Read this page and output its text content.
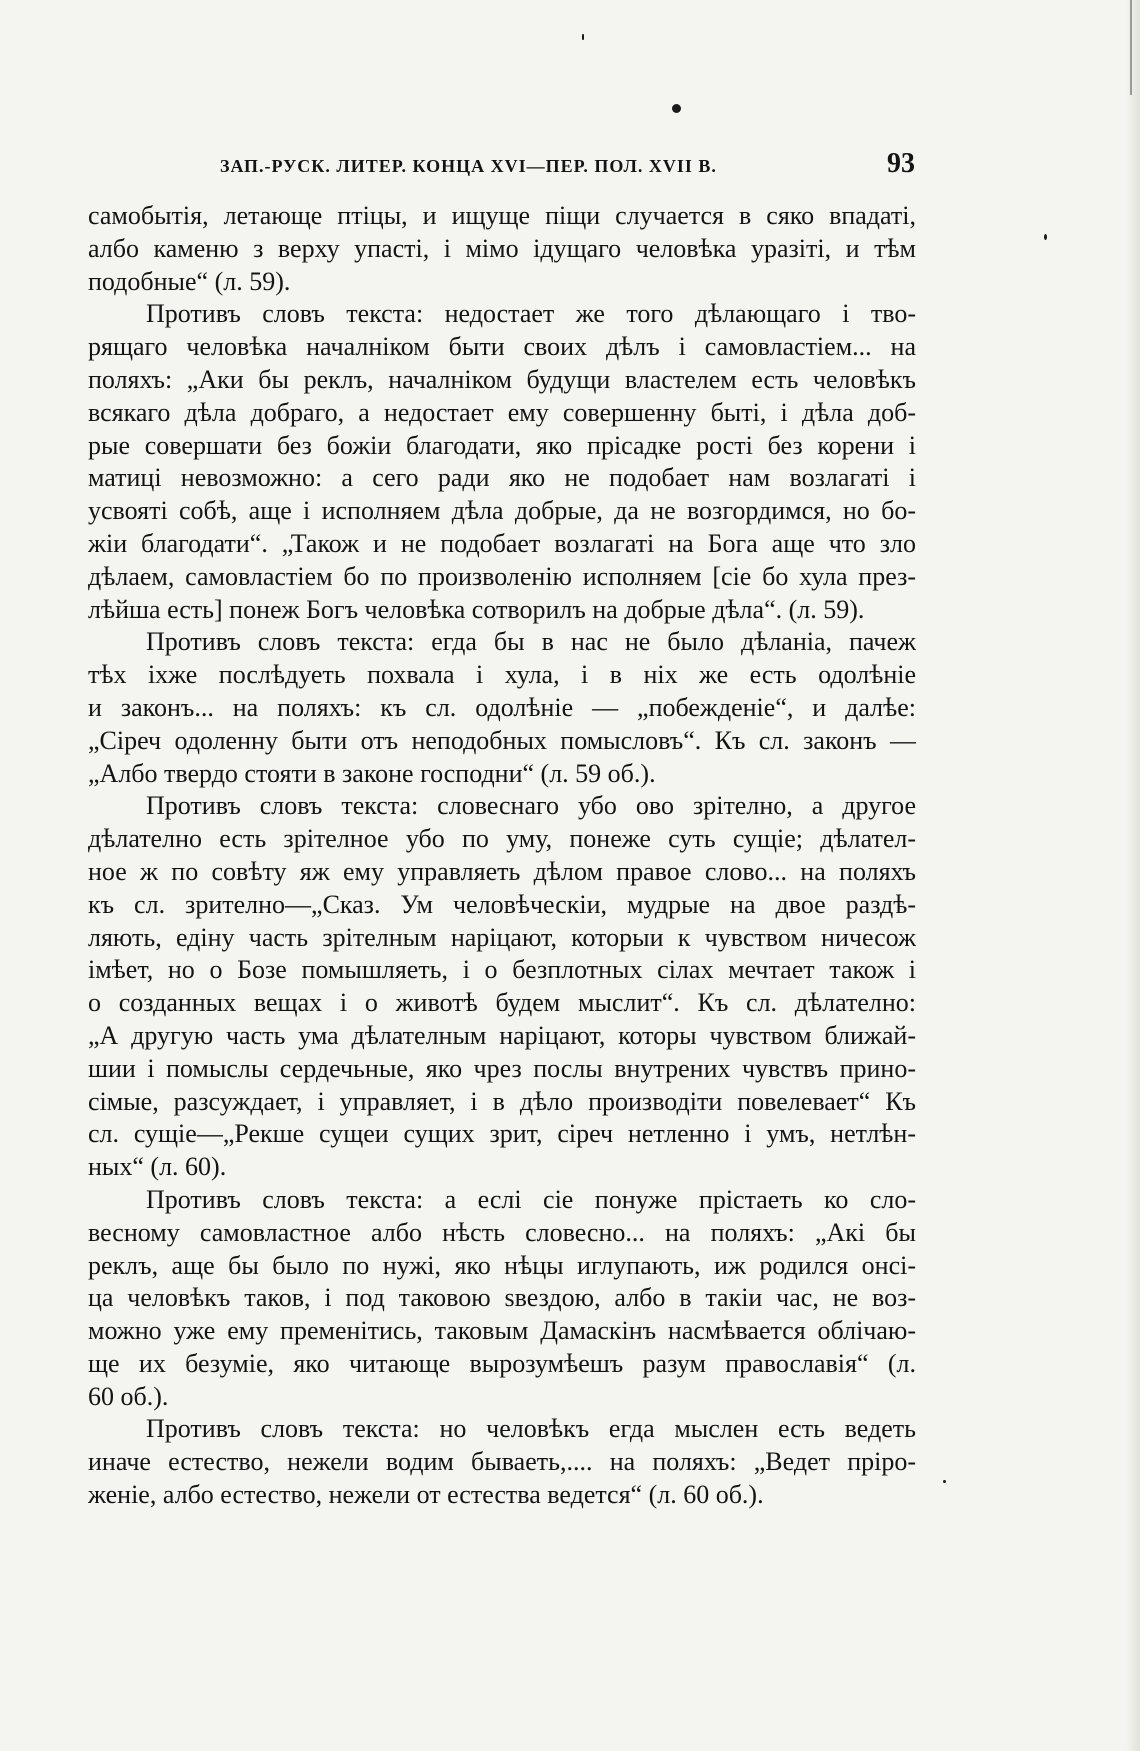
ЗАП.-РУСК. ЛИТЕР. КОНЦА XVI—ПЕР. ПОЛ. XVII В.	93
самобытія, летающе птіцы, и ищуще піщи случается в сяко впадаті,
албо каменю з верху упасті, і мімо ідущаго человѣка уразіті, и тѣм
подобные“ (л. 59).
Противъ словъ текста: недостает же того дѣлающаго і тво-
рящаго человѣка началніком быти своих дѣлъ і самовластіем... на
поляхъ: „Аки бы реклъ, началніком будущи властелем есть человѣкъ
всякаго дѣла добраго, а недостает ему совершенну быті, і дѣла доб-
рые совершати без божіи благодати, яко прісадке рості без корени і
матиці невозможно: а сего ради яко не подобает нам возлагаті і
усвояті собѣ, аще і исполняем дѣла добрые, да не возгордимся, но бо-
жіи благодати“. „Також и не подобает возлагаті на Бога аще что зло
дѣлаем, самовластіем бо по произволенію исполняем [сіе бо хула през-
лѣйша есть] понеж Богъ человѣка сотворилъ на добрые дѣла“. (л. 59).
Противъ словъ текста: егда бы в нас не было дѣланіа, пачеж
тѣх іхже послѣдуеть похвала і хула, і в ніх же есть одолѣніе
и законъ... на поляхъ: къ сл. одолѣніе — „побежденіе“, и далѣе:
„Сіреч одоленну быти отъ неподобных помысловъ“. Къ сл. законъ —
„Албо твердо стояти в законе господни“ (л. 59 об.).
Противъ словъ текста: словеснаго убо ово зрітелно, а другое
дѣлателно есть зрітелное убо по уму, понеже суть сущіе; дѣлател-
ное ж по совѣту яж ему управляеть дѣлом правое слово... на поляхъ
къ сл. зрително—„Сказ. Ум человѣческіи, мудрые на двое раздѣ-
ляють, едіну часть зрітелным наріцают, которыи к чувством ничесож
імѣет, но о Бозе помышляеть, і о безплотных сілах мечтает також і
о созданных вещах і о животѣ будем мыслит“. Къ сл. дѣлателно:
„А другую часть ума дѣлателным наріцают, которы чувством ближай-
шии і помыслы сердечьные, яко чрез послы внутрених чувствъ прино-
сімые, разсуждает, і управляет, і в дѣло производіти повелевает“ Къ
сл. сущіе—„Рекше сущеи сущих зрит, сіреч нетленно і умъ, нетлѣн-
ных“ (л. 60).
Противъ словъ текста: а еслі сіе понуже прістаеть ко сло-
весному самовластное албо нѣсть словесно... на поляхъ: „Акі бы
реклъ, аще бы было по нужі, яко нѣцы иглупають, иж родился онсі-
ца человѣкъ таков, і под таковою ѕвездою, албо в такіи час, не воз-
можно уже ему пременітись, таковым Дамаскінъ насмѣвается облічаю-
ще их безуміе, яко читающе вырозумѣешъ разум православія“ (л.
60 об.).
Противъ словъ текста: но человѣкъ егда мыслен есть ведеть
иначе естество, нежели водим бываеть,.... на поляхъ: „Ведет пріро-
женіе, албо естество, нежели от естества ведется“ (л. 60 об.).
